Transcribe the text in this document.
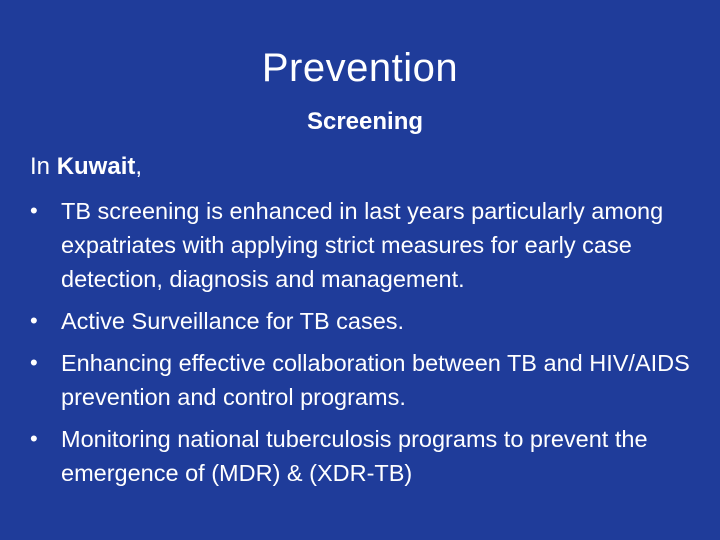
Prevention
Screening
In Kuwait,
• TB screening is enhanced in last years particularly among expatriates with applying strict measures for early case detection, diagnosis and management.
• Active Surveillance for TB cases.
• Enhancing effective collaboration between TB and HIV/AIDS prevention and control programs.
• Monitoring national tuberculosis programs to prevent the emergence of (MDR) & (XDR-TB)
